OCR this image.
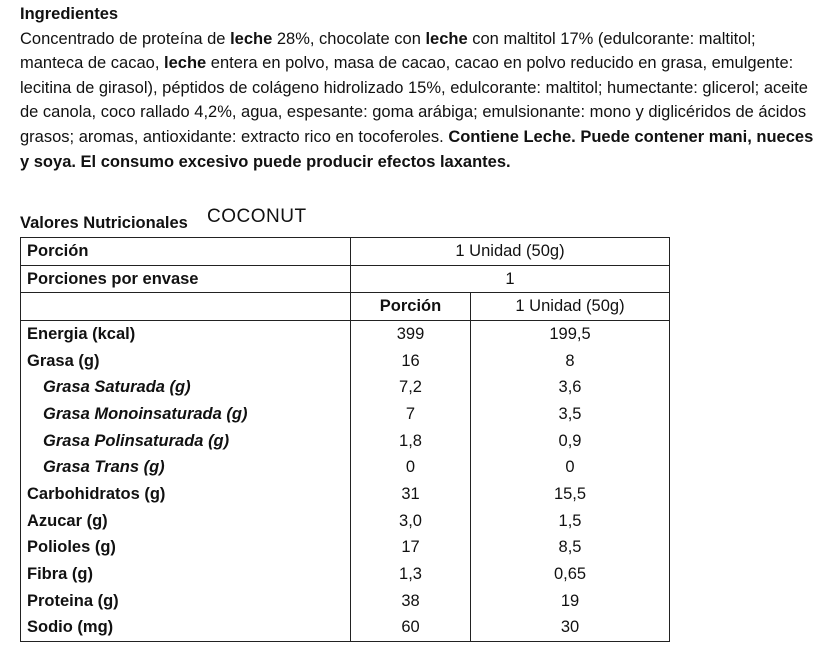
Ingredientes

Concentrado de proteína de leche 28%, chocolate con leche con maltitol 17% (edulcorante: maltitol; manteca de cacao, leche entera en polvo, masa de cacao, cacao en polvo reducido en grasa, emulgente: lecitina de girasol), péptidos de colágeno hidrolizado 15%, edulcorante: maltitol; humectante: glicerol; aceite de canola, coco rallado 4,2%, agua, espesante: goma arábiga; emulsionante: mono y diglicéridos de ácidos grasos; aromas, antioxidante: extracto rico en tocoferoles. Contiene Leche. Puede contener mani, nueces y soya. El consumo excesivo puede producir efectos laxantes.

Valores Nutricionales COCONUT
Porción	1 Unidad (50g)	
Porciones por envase	1	
	Porción	1 Unidad (50g)
Energia (kcal)	399	199,5
Grasa (g)	16	8
Grasa Saturada (g)	7,2	3,6
Grasa Monoinsaturada (g)	7	3,5
Grasa Polinsaturada (g)	1,8	0,9
Grasa Trans (g)	0	0
Carbohidratos (g)	31	15,5
Azucar (g)	3,0	1,5
Polioles (g)	17	8,5
Fibra (g)	1,3	0,65
Proteina (g)	38	19
Sodio (mg)	60	30
